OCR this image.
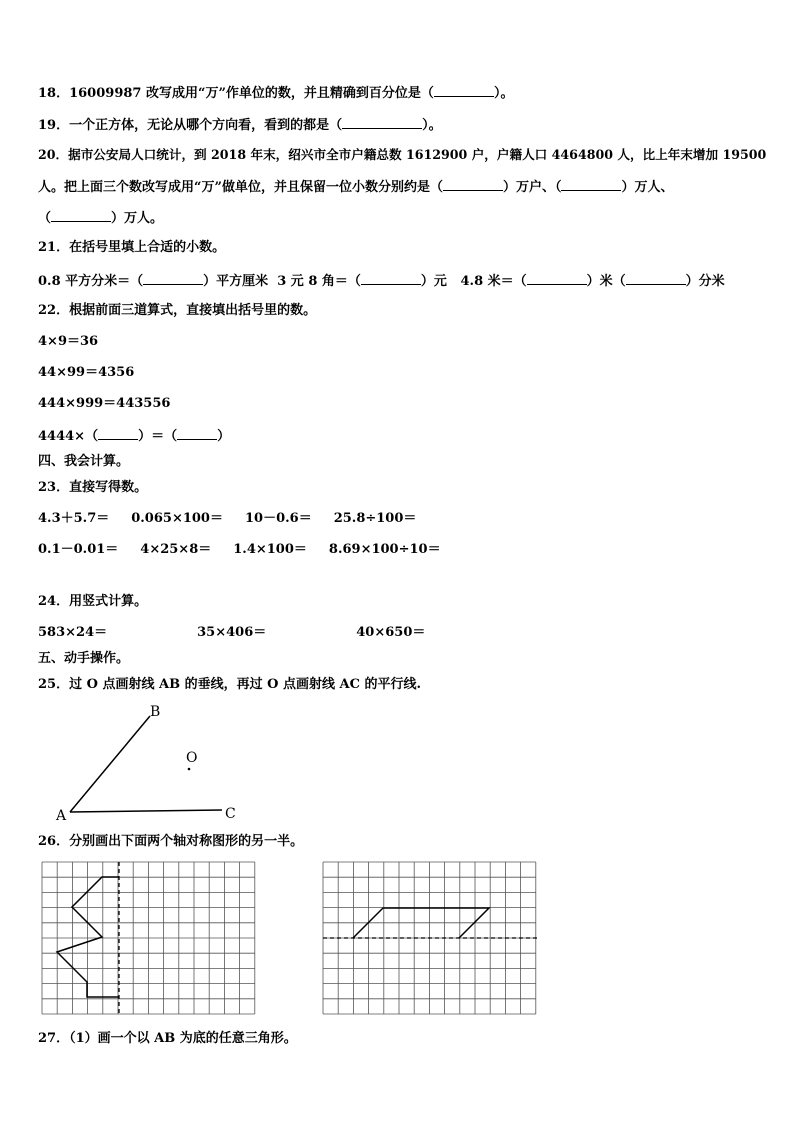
18．16009987 改写成用“万”作单位的数，并且精确到百分位是（	）。
19．一个正方体，无论从哪个方向看，看到的都是（	）。
20．据市公安局人口统计，到 2018 年末，绍兴市全市户籍总数 1612900 户，户籍人口 4464800 人，比上年末增加 19500
人。把上面三个数改写成用“万”做单位，并且保留一位小数分别约是（	）万户、（	）万人、
（	）万人。
21．在括号里填上合适的小数。
0.8 平方分米＝（	）平方厘米 3 元 8 角＝（	）元 4.8 米＝（	）米（	）分米
22．根据前面三道算式，直接填出括号里的数。
4×9＝36
44×99＝4356
444×999＝443556
4444×（	）＝（	）
四、我会计算。
23．直接写得数。
4.3＋5.7＝ 0.065×100＝ 10－0.6＝ 25.8÷100＝
0.1－0.01＝ 4×25×8＝ 1.4×100＝ 8.69×100÷10＝
24．用竖式计算。
583×24＝	35×406＝	40×650＝
五、动手操作。
25．过 O 点画射线 AB 的垂线，再过 O 点画射线 AC 的平行线.
A
B
C
O
26．分别画出下面两个轴对称图形的另一半。
27．（1）画一个以 AB 为底的任意三角形。
